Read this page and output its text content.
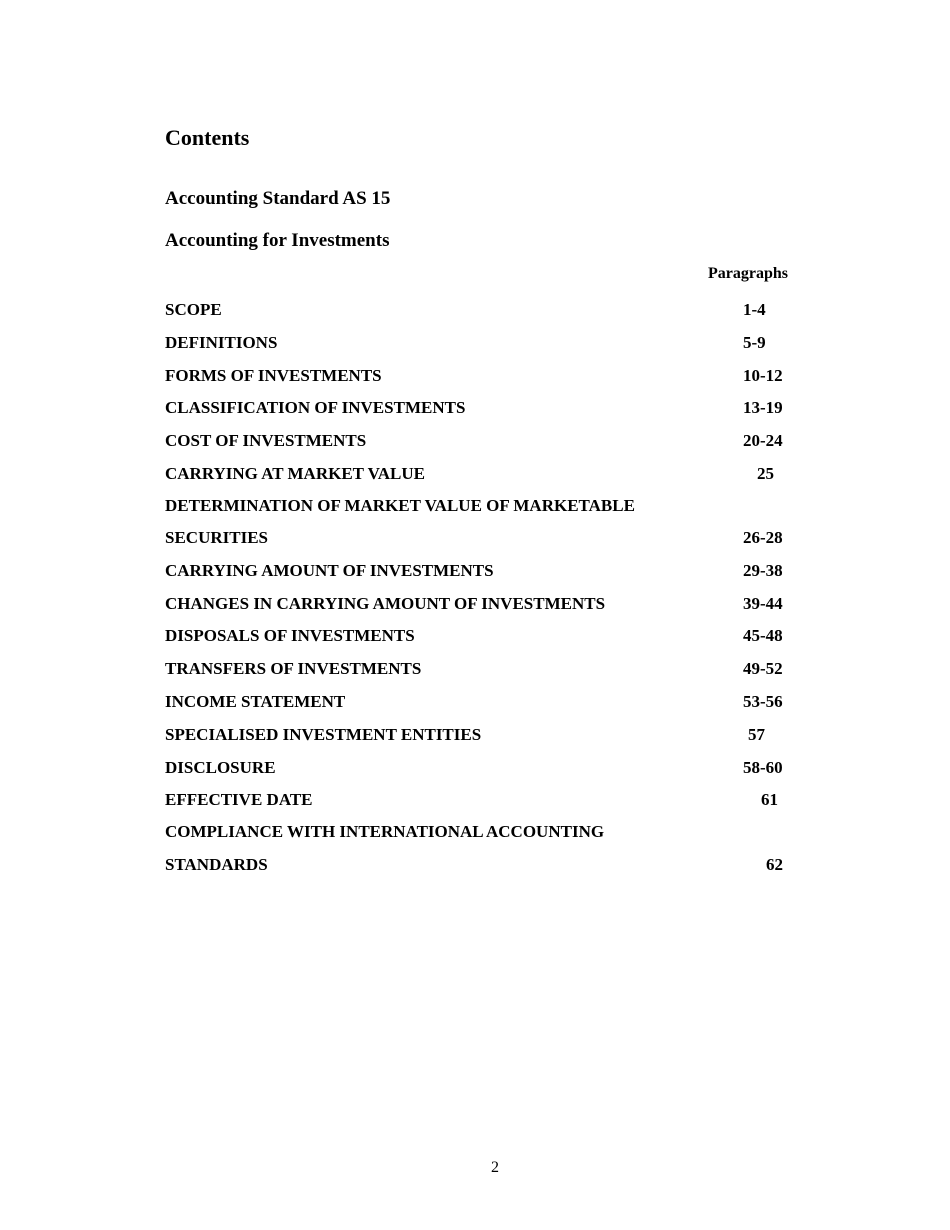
Contents
Accounting Standard AS 15
Accounting for Investments
Paragraphs
SCOPE	1-4
DEFINITIONS	5-9
FORMS OF INVESTMENTS	10-12
CLASSIFICATION OF INVESTMENTS	13-19
COST OF INVESTMENTS	20-24
CARRYING AT MARKET VALUE	25
DETERMINATION OF MARKET VALUE OF MARKETABLE
SECURITIES	26-28
CARRYING AMOUNT OF INVESTMENTS	29-38
CHANGES IN CARRYING AMOUNT OF INVESTMENTS	39-44
DISPOSALS OF INVESTMENTS	45-48
TRANSFERS OF INVESTMENTS	49-52
INCOME STATEMENT	53-56
SPECIALISED INVESTMENT ENTITIES	57
DISCLOSURE	58-60
EFFECTIVE DATE	61
COMPLIANCE WITH INTERNATIONAL ACCOUNTING
STANDARDS	62
2
